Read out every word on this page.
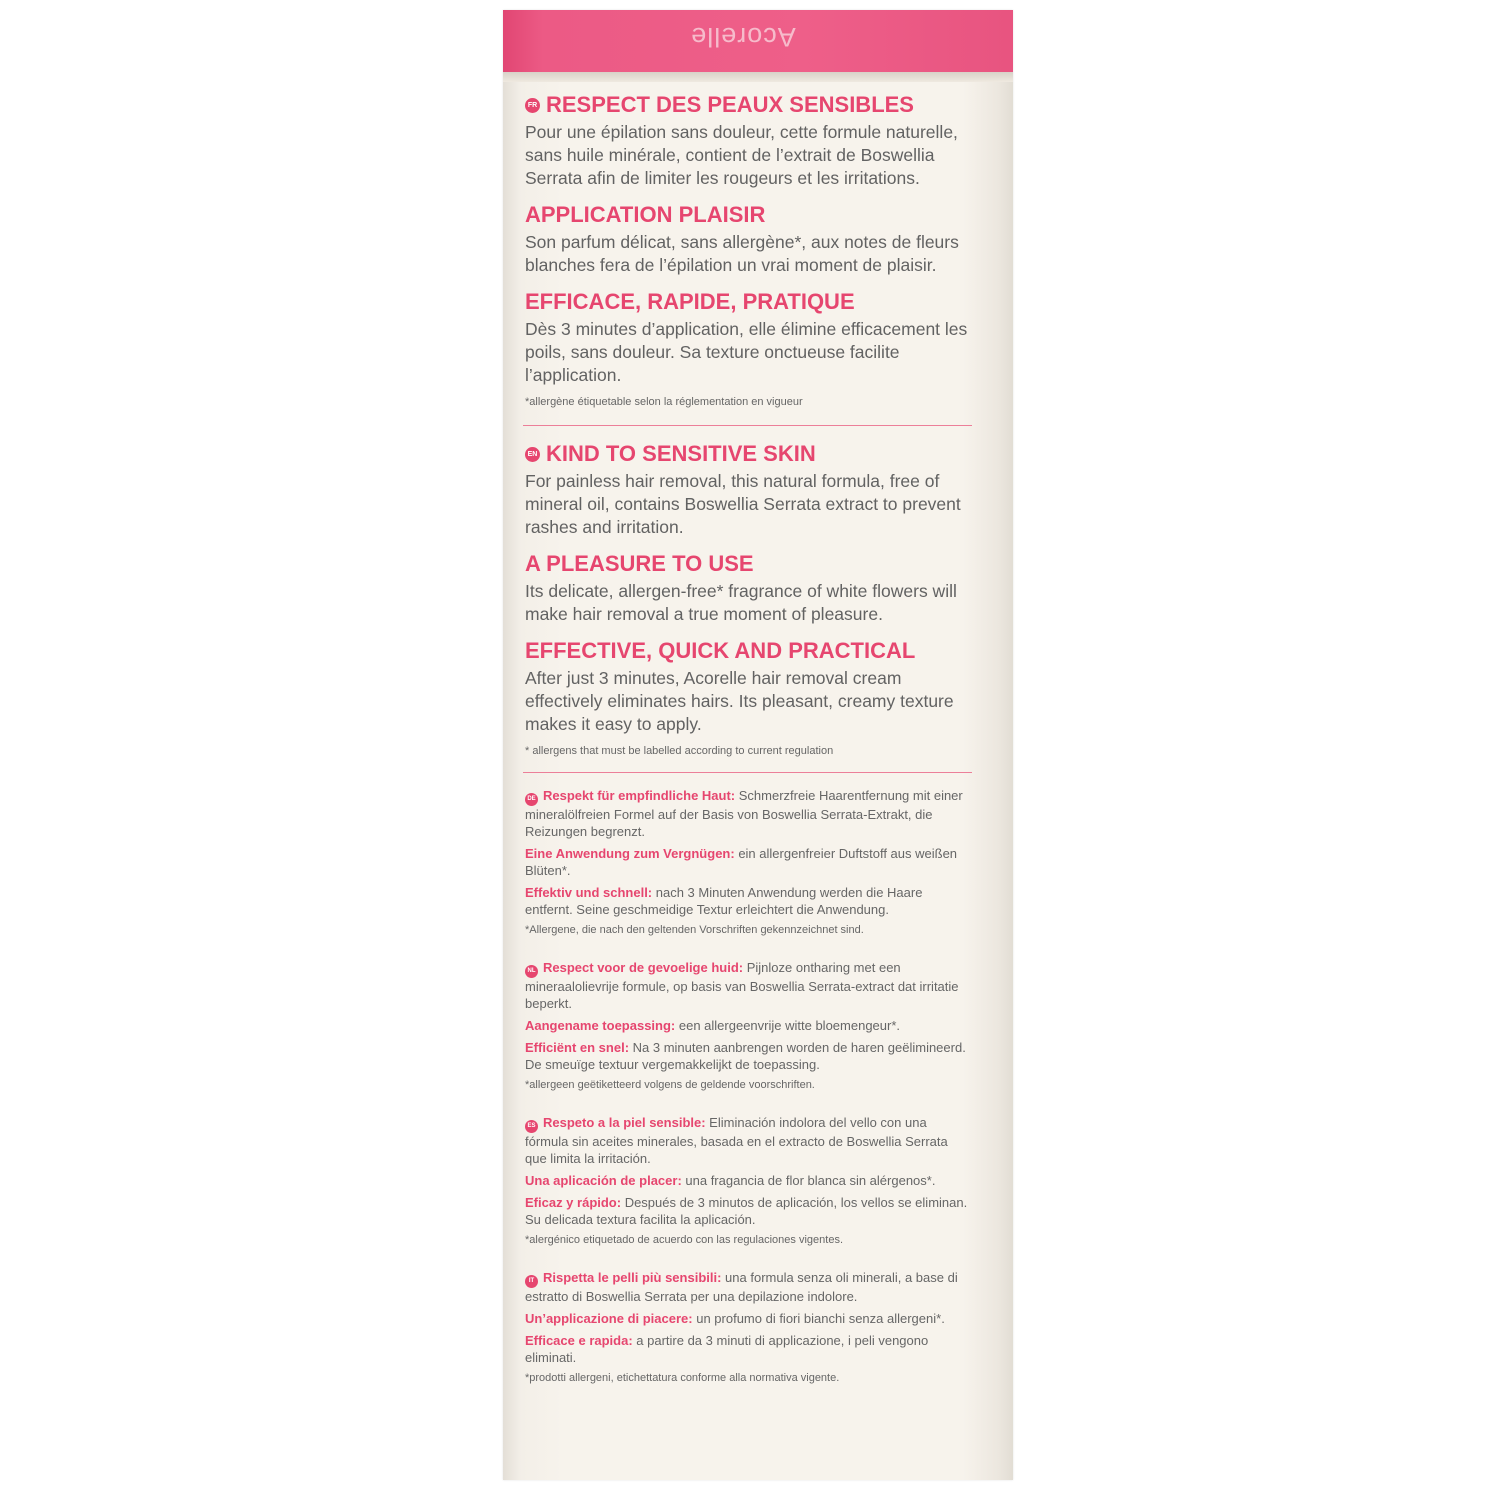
Acorelle
FR RESPECT DES PEAUX SENSIBLES

Pour une épilation sans douleur, cette formule naturelle, sans huile minérale, contient de l’extrait de Boswellia Serrata afin de limiter les rougeurs et les irritations.

APPLICATION PLAISIR

Son parfum délicat, sans allergène*, aux notes de fleurs blanches fera de l’épilation un vrai moment de plaisir.

EFFICACE, RAPIDE, PRATIQUE

Dès 3 minutes d’application, elle élimine efficacement les poils, sans douleur. Sa texture onctueuse facilite l’application.

*allergène étiquetable selon la réglementation en vigueur

EN KIND TO SENSITIVE SKIN

For painless hair removal, this natural formula, free of mineral oil, contains Boswellia Serrata extract to prevent rashes and irritation.

A PLEASURE TO USE

Its delicate, allergen-free* fragrance of white flowers will make hair removal a true moment of pleasure.

EFFECTIVE, QUICK AND PRACTICAL

After just 3 minutes, Acorelle hair removal cream effectively eliminates hairs. Its pleasant, creamy texture makes it easy to apply.

* allergens that must be labelled according to current regulation

DE Respekt für empfindliche Haut: Schmerzfreie Haarentfernung mit einer mineralölfreien Formel auf der Basis von Boswellia Serrata-Extrakt, die Reizungen begrenzt.

Eine Anwendung zum Vergnügen: ein allergenfreier Duftstoff aus weißen Blüten*.

Effektiv und schnell: nach 3 Minuten Anwendung werden die Haare entfernt. Seine geschmeidige Textur erleichtert die Anwendung.

*Allergene, die nach den geltenden Vorschriften gekennzeichnet sind.

NL Respect voor de gevoelige huid: Pijnloze ontharing met een mineraalolievrije formule, op basis van Boswellia Serrata-extract dat irritatie beperkt.

Aangename toepassing: een allergeenvrije witte bloemengeur*.

Efficiënt en snel: Na 3 minuten aanbrengen worden de haren geëlimineerd. De smeuïge textuur vergemakkelijkt de toepassing.

*allergeen geëtiketteerd volgens de geldende voorschriften.

ES Respeto a la piel sensible: Eliminación indolora del vello con una fórmula sin aceites minerales, basada en el extracto de Boswellia Serrata que limita la irritación.

Una aplicación de placer: una fragancia de flor blanca sin alérgenos*.

Eficaz y rápido: Después de 3 minutos de aplicación, los vellos se eliminan. Su delicada textura facilita la aplicación.

*alergénico etiquetado de acuerdo con las regulaciones vigentes.

IT Rispetta le pelli più sensibili: una formula senza oli minerali, a base di estratto di Boswellia Serrata per una depilazione indolore.

Un’applicazione di piacere: un profumo di fiori bianchi senza allergeni*.

Efficace e rapida: a partire da 3 minuti di applicazione, i peli vengono eliminati.

*prodotti allergeni, etichettatura conforme alla normativa vigente.
